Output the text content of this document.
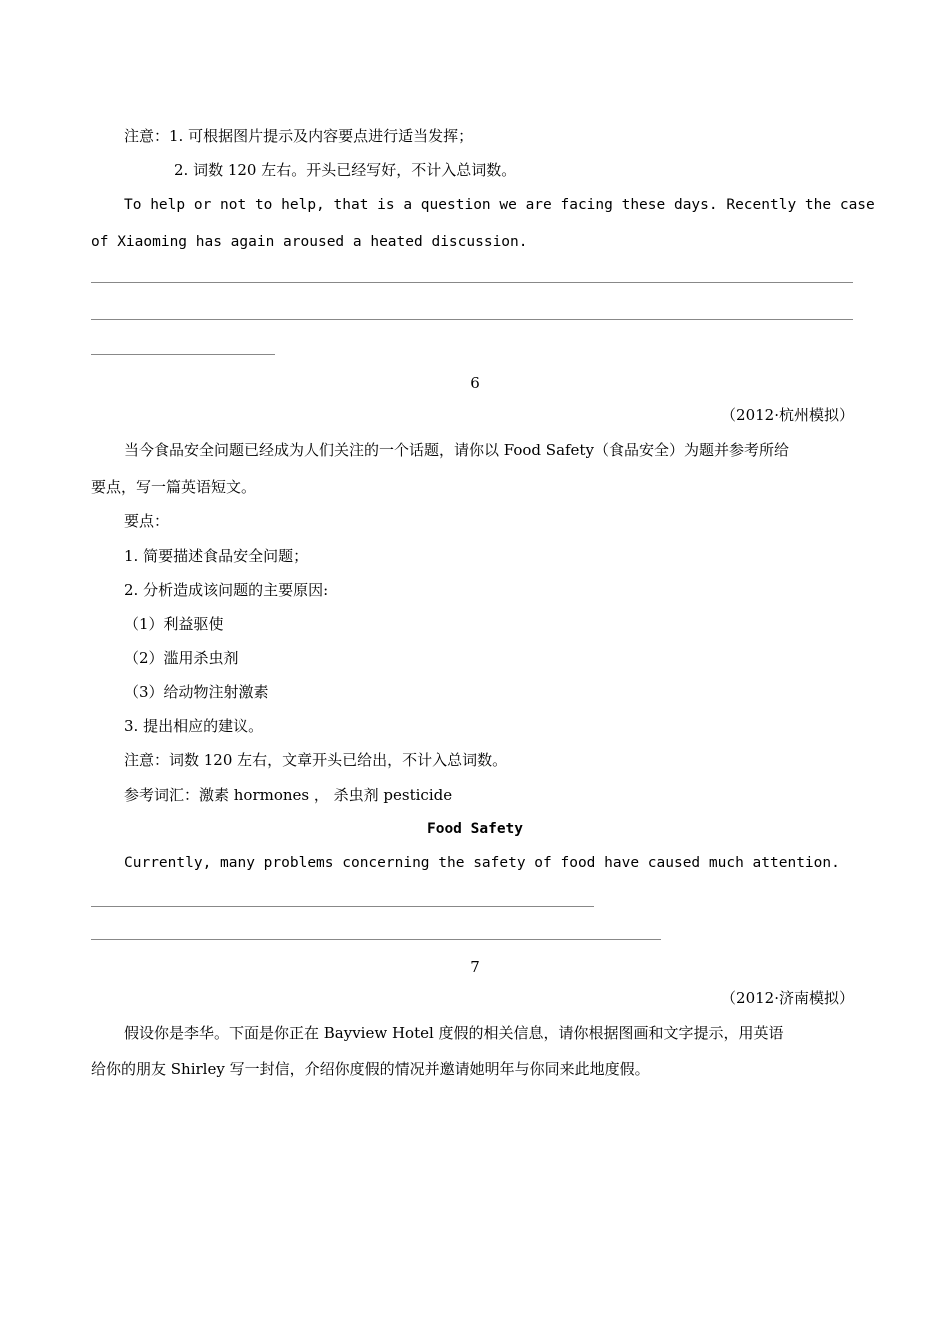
注意：1. 可根据图片提示及内容要点进行适当发挥；
2. 词数 120 左右。开头已经写好，不计入总词数。
To help or not to help, that is a question we are facing these days. Recently the case
of Xiaoming has again aroused a heated discussion.
6
（2012·杭州模拟）
当今食品安全问题已经成为人们关注的一个话题，请你以 Food Safety（食品安全）为题并参考所给
要点，写一篇英语短文。
要点：
1. 简要描述食品安全问题；
2. 分析造成该问题的主要原因:
（1）利益驱使
（2）滥用杀虫剂
（3）给动物注射激素
3. 提出相应的建议。
注意：词数 120 左右，文章开头已给出，不计入总词数。
参考词汇：激素 hormones ， 杀虫剂 pesticide
Food Safety
Currently, many problems concerning the safety of food have caused much attention.
7
（2012·济南模拟）
假设你是李华。下面是你正在 Bayview Hotel 度假的相关信息，请你根据图画和文字提示，用英语
给你的朋友 Shirley 写一封信，介绍你度假的情况并邀请她明年与你同来此地度假。
